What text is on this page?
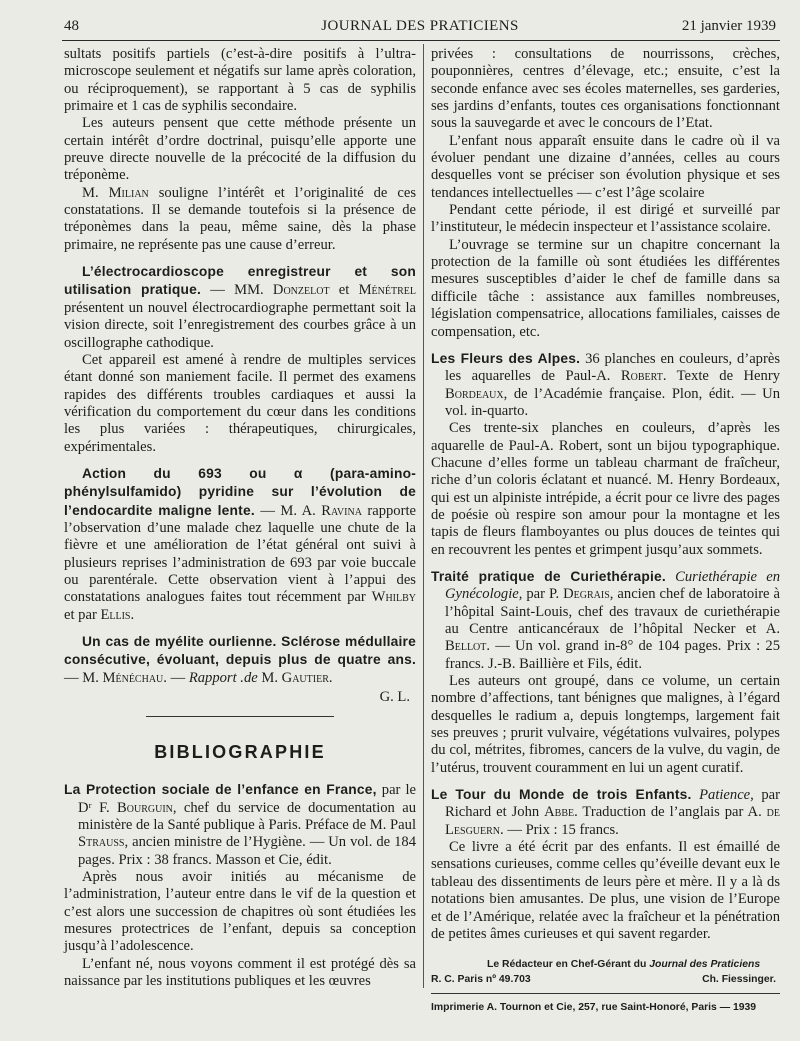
48	JOURNAL DES PRATICIENS	21 janvier 1939

sultats positifs partiels (c’est-à-dire positifs à l’ultra-microscope seulement et négatifs sur lame après coloration, ou réciproquement), se rapportant à 5 cas de syphilis primaire et 1 cas de syphilis secondaire.

Les auteurs pensent que cette méthode présente un certain intérêt d’ordre doctrinal, puisqu’elle apporte une preuve directe nouvelle de la précocité de la diffusion du tréponème.

M. Milian souligne l’intérêt et l’originalité de ces constatations. Il se demande toutefois si la présence de tréponèmes dans la peau, même saine, dès la phase primaire, ne représente pas une cause d’erreur.

L’électrocardioscope enregistreur et son utilisation pratique. — MM. Donzelot et Ménétrel présentent un nouvel électrocardiographe permettant soit la vision directe, soit l’enregistrement des courbes grâce à un oscillographe cathodique.

Cet appareil est amené à rendre de multiples services étant donné son maniement facile. Il permet des examens rapides des différents troubles cardiaques et aussi la vérification du comportement du cœur dans les conditions les plus variées : thérapeutiques, chirurgicales, expérimentales.

Action du 693 ou α (para-amino-phénylsulfamido) pyridine sur l’évolution de l’endocardite maligne lente. — M. A. Ravina rapporte l’observation d’une malade chez laquelle une chute de la fièvre et une amélioration de l’état général ont suivi à plusieurs reprises l’administration de 693 par voie buccale ou parentérale. Cette observation vient à l’appui des constatations analogues faites tout récemment par Whilby et par Ellis.

Un cas de myélite ourlienne. Sclérose médullaire consécutive, évoluant, depuis plus de quatre ans. — M. Ménéchau. — Rapport .de M. Gautier.

G. L.

BIBLIOGRAPHIE

La Protection sociale de l’enfance en France, par le Dʳ F. Bourguin, chef du service de documentation au ministère de la Santé publique à Paris. Préface de M. Paul Strauss, ancien ministre de l’Hygiène. — Un vol. de 184 pages. Prix : 38 francs. Masson et Cie, édit.

Après nous avoir initiés au mécanisme de l’administration, l’auteur entre dans le vif de la question et c’est alors une succession de chapitres où sont étudiées les mesures protectrices de l’enfant, depuis sa conception jusqu’à l’adolescence.

L’enfant né, nous voyons comment il est protégé dès sa naissance par les institutions publiques et les œuvres

privées : consultations de nourrissons, crèches, pouponnières, centres d’élevage, etc.; ensuite, c’est la seconde enfance avec ses écoles maternelles, ses garderies, ses jardins d’enfants, toutes ces organisations fonctionnant sous la sauvegarde et avec le concours de l’Etat.

L’enfant nous apparaît ensuite dans le cadre où il va évoluer pendant une dizaine d’années, celles au cours desquelles vont se préciser son évolution physique et ses tendances intellectuelles — c’est l’âge scolaire

Pendant cette période, il est dirigé et surveillé par l’instituteur, le médecin inspecteur et l’assistance scolaire.

L’ouvrage se termine sur un chapitre concernant la protection de la famille où sont étudiées les différentes mesures susceptibles d’aider le chef de famille dans sa difficile tâche : assistance aux familles nombreuses, législation compensatrice, allocations familiales, caisses de compensation, etc.

Les Fleurs des Alpes. 36 planches en couleurs, d’après les aquarelles de Paul-A. Robert. Texte de Henry Bordeaux, de l’Académie française. Plon, édit. — Un vol. in-quarto.

Ces trente-six planches en couleurs, d’après les aquarelle de Paul-A. Robert, sont un bijou typographique. Chacune d’elles forme un tableau charmant de fraîcheur, riche d’un coloris éclatant et nuancé. M. Henry Bordeaux, qui est un alpiniste intrépide, a écrit pour ce livre des pages de poésie où respire son amour pour la montagne et les tapis de fleurs flamboyantes ou plus douces de teintes qui en recouvrent les pentes et grimpent jusqu’aux sommets.

Traité pratique de Curiethérapie. Curiethérapie en Gynécologie, par P. Degrais, ancien chef de laboratoire à l’hôpital Saint-Louis, chef des travaux de curiethérapie au Centre anticancéraux de l’hôpital Necker et A. Bellot. — Un vol. grand in-8° de 104 pages. Prix : 25 francs. J.-B. Baillière et Fils, édit.

Les auteurs ont groupé, dans ce volume, un certain nombre d’affections, tant bénignes que malignes, à l’égard desquelles le radium a, depuis longtemps, largement fait ses preuves ; prurit vulvaire, végétations vulvaires, polypes du col, métrites, fibromes, cancers de la vulve, du vagin, de l’utérus, trouvent couramment en lui un agent curatif.

Le Tour du Monde de trois Enfants. Patience, par Richard et John Abbe. Traduction de l’anglais par A. de Lesguern. — Prix : 15 francs.

Ce livre a été écrit par des enfants. Il est émaillé de sensations curieuses, comme celles qu’éveille devant eux le tableau des dissentiments de leurs père et mère. Il y a là ds notations bien amusantes. De plus, une vision de l’Europe et de l’Amérique, relatée avec la fraîcheur et la pénétration de petites âmes curieuses et qui savent regarder.

Le Rédacteur en Chef-Gérant du Journal des Praticiens
R. C. Paris nº 49.703	Ch. Fiessinger.
Imprimerie A. Tournon et Cie, 257, rue Saint-Honoré, Paris — 1939
